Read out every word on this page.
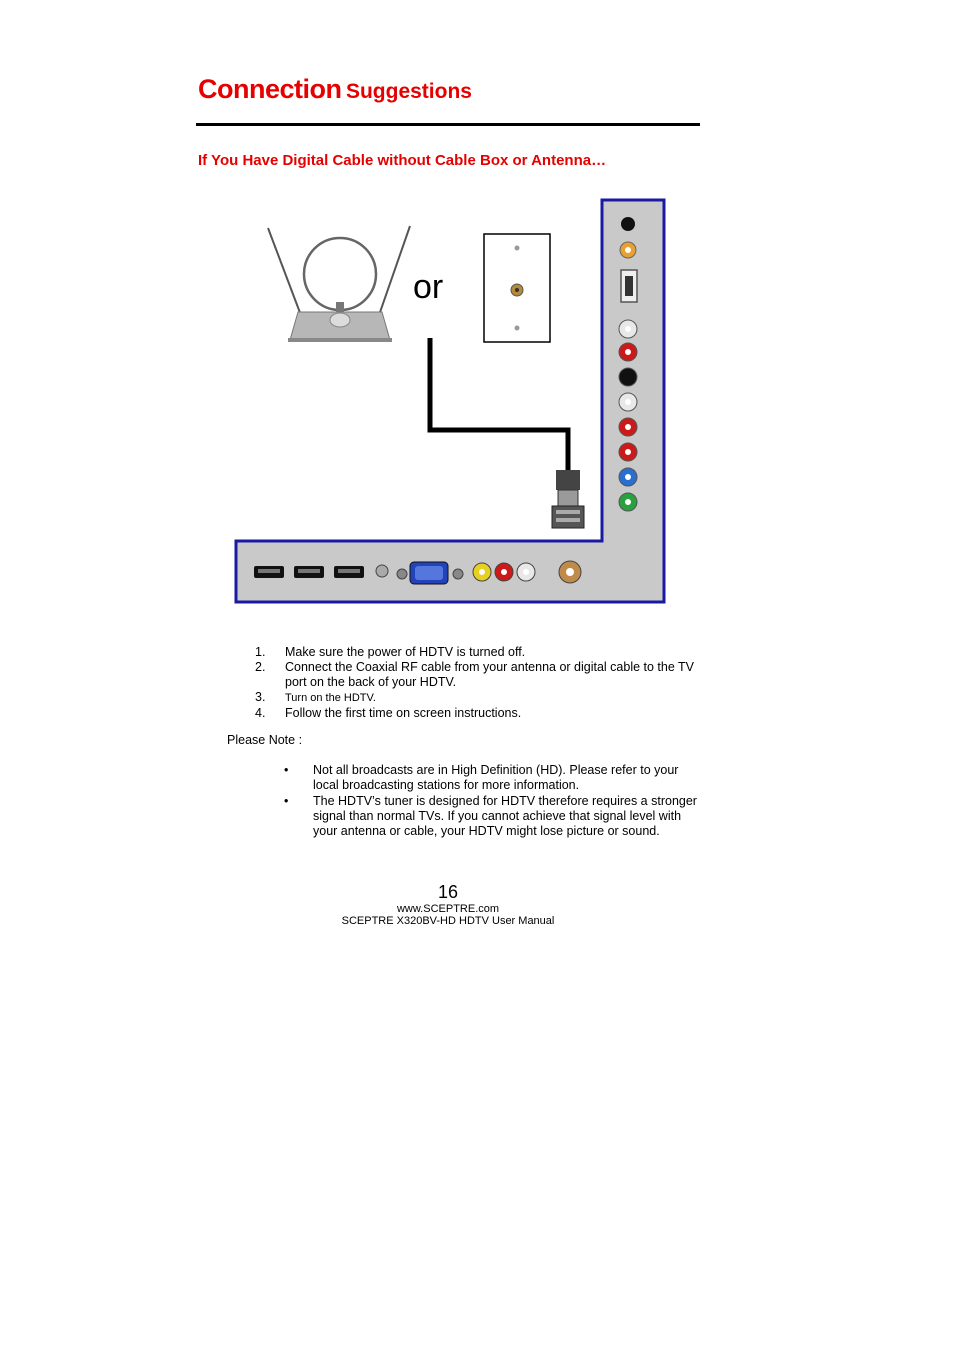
Connection Suggestions
If You Have Digital Cable without Cable Box or Antenna…
or
1. Make sure the power of HDTV is turned off.
2. Connect the Coaxial RF cable from your antenna or digital cable to the TV port on the back of your HDTV.
3. Turn on the HDTV.
4. Follow the first time on screen instructions.
Please Note :
• Not all broadcasts are in High Definition (HD). Please refer to your local broadcasting stations for more information.
• The HDTV’s tuner is designed for HDTV therefore requires a stronger signal than normal TVs. If you cannot achieve that signal level with your antenna or cable, your HDTV might lose picture or sound.
16
www.SCEPTRE.com
SCEPTRE X320BV-HD HDTV User Manual
